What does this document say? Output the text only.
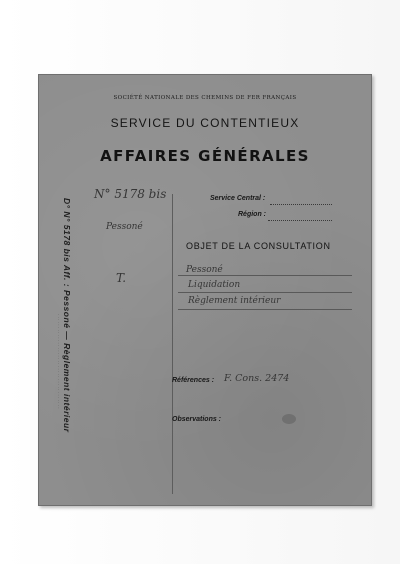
SOCIÉTÉ NATIONALE DES CHEMINS DE FER FRANÇAIS
SERVICE DU CONTENTIEUX
AFFAIRES GÉNÉRALES
D° N° 5178 bis Aff. : Pessoné — Règlement intérieur
· · · · · · · · · · · · · · · · · · · · · · · · · · · · · · · · · · · · ·
N° 5178 bis
Pessoné
T.
Service Central :
Région :
OBJET DE LA CONSULTATION
Pessoné
Liquidation
Règlement intérieur
Références : F. Cons. 2474
Observations :
